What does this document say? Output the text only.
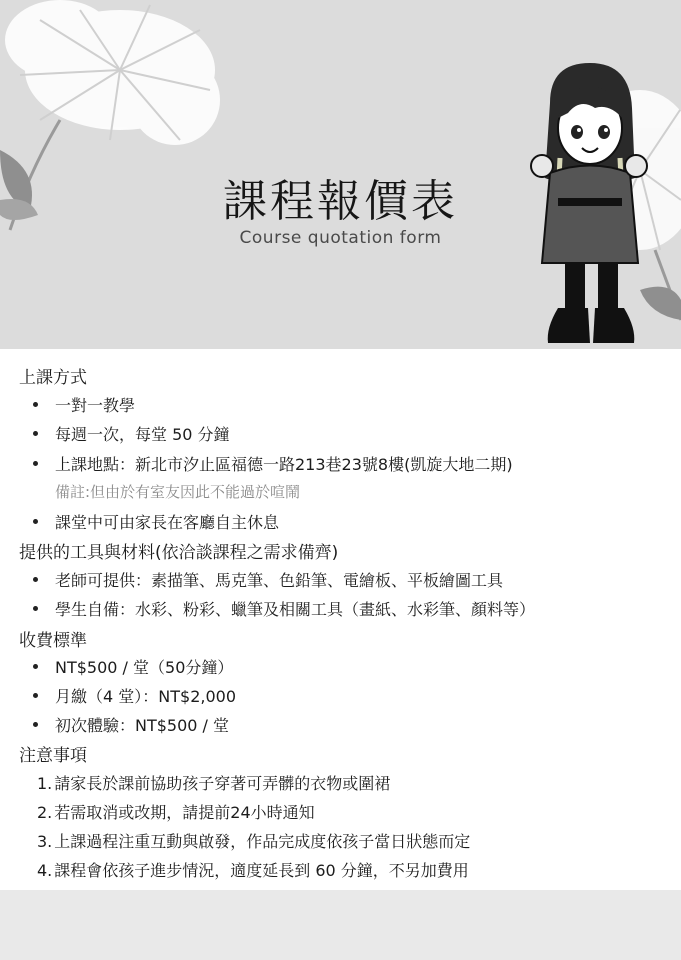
課程報價表
Course quotation form
上課方式
一對一教學
每週一次，每堂 50 分鐘
上課地點：新北市汐止區福德一路213巷23號8樓(凱旋大地二期)
備註:但由於有室友因此不能過於喧鬧
課堂中可由家長在客廳自主休息
提供的工具與材料(依洽談課程之需求備齊)
老師可提供：素描筆、馬克筆、色鉛筆、電繪板、平板繪圖工具
學生自備：水彩、粉彩、蠟筆及相關工具（畫紙、水彩筆、顏料等）
收費標準
NT$500 / 堂（50分鐘）
月繳（4 堂）：NT$2,000
初次體驗：NT$500 / 堂
注意事項
1. 請家長於課前協助孩子穿著可弄髒的衣物或圍裙
2. 若需取消或改期，請提前24小時通知
3. 上課過程注重互動與啟發，作品完成度依孩子當日狀態而定
4. 課程會依孩子進步情況，適度延長到 60 分鐘，不另加費用
